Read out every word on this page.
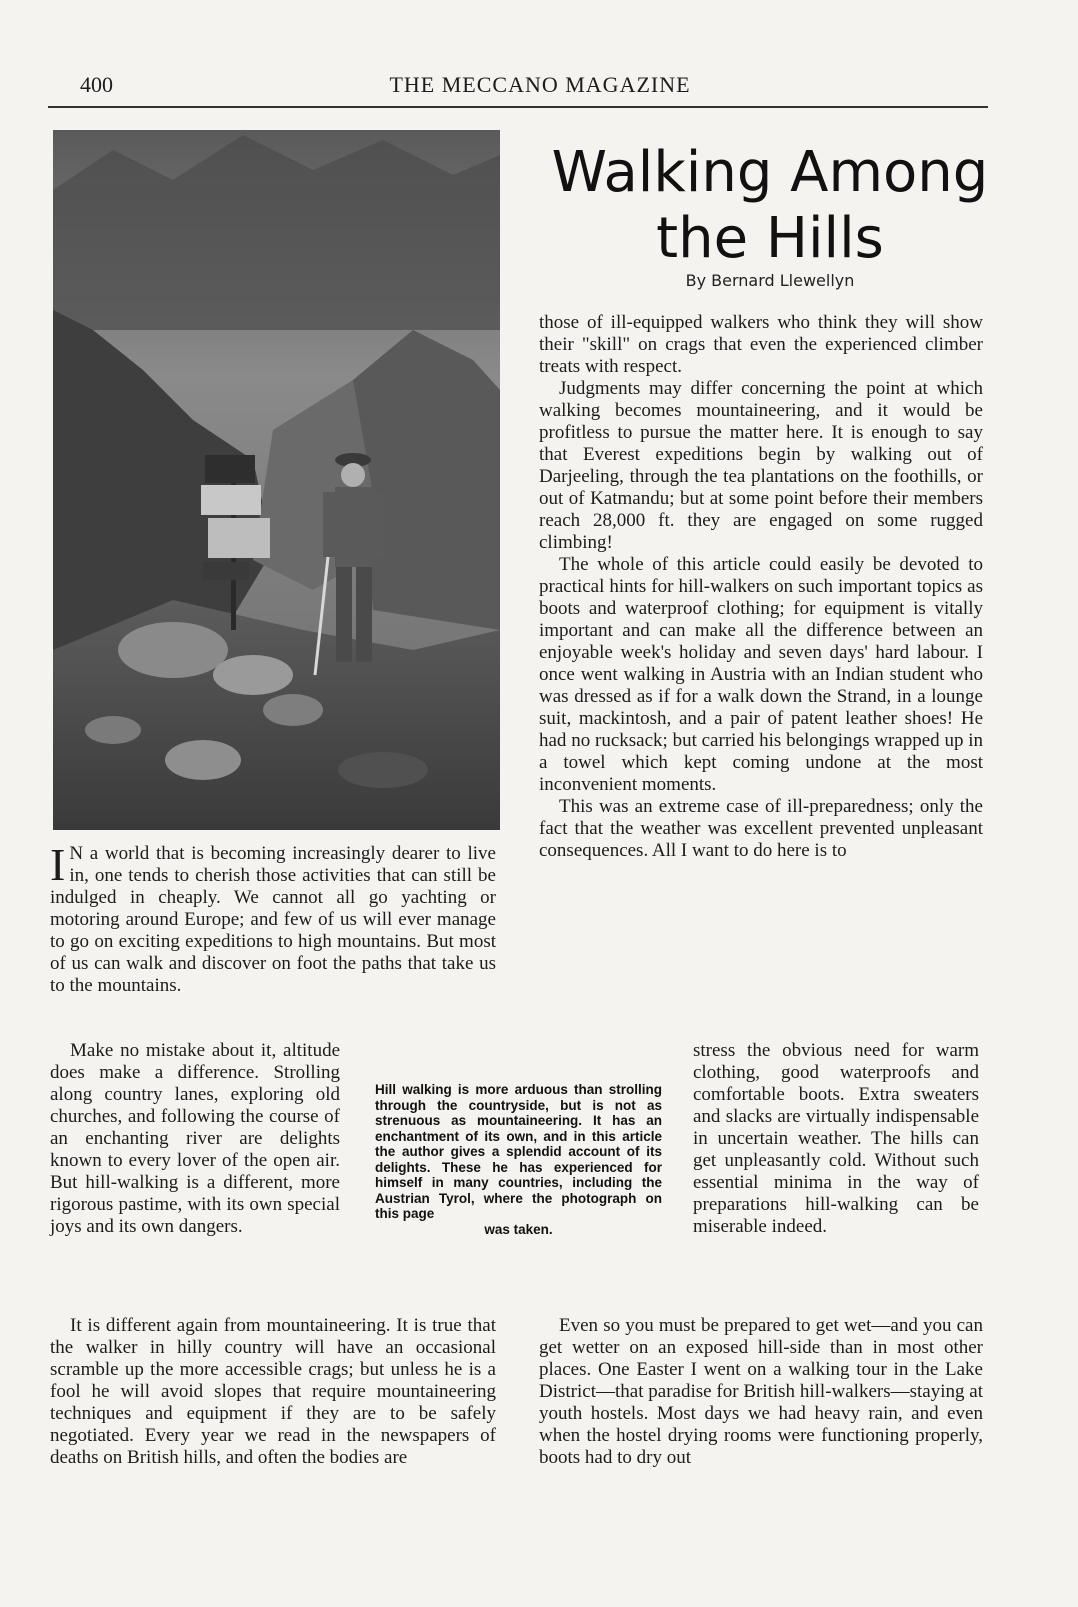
400	THE MECCANO MAGAZINE
Walking Among
the Hills
By Bernard Llewellyn

I N a world that is becoming increasingly dearer to live in, one tends to cherish those activities that can still be indulged in cheaply. We cannot all go yachting or motoring around Europe; and few of us will ever manage to go on exciting expeditions to high mountains. But most of us can walk and discover on foot the paths that take us to the mountains.

Make no mistake about it, altitude does make a difference. Strolling along country lanes, exploring old churches, and following the course of an enchanting river are delights known to every lover of the open air. But hill-walking is a different, more rigorous pastime, with its own special joys and its own dangers.

Hill walking is more arduous than strolling through the countryside, but is not as strenuous as mountaineering. It has an enchantment of its own, and in this article the author gives a splendid account of its delights. These he has experienced for himself in many countries, including the Austrian Tyrol, where the photograph on this page
was taken.

It is different again from mountaineering. It is true that the walker in hilly country will have an occasional scramble up the more accessible crags; but unless he is a fool he will avoid slopes that require mountaineering techniques and equipment if they are to be safely negotiated. Every year we read in the newspapers of deaths on British hills, and often the bodies are

those of ill-equipped walkers who think they will show their "skill" on crags that even the experienced climber treats with respect.

Judgments may differ concerning the point at which walking becomes mountaineering, and it would be profitless to pursue the matter here. It is enough to say that Everest expeditions begin by walking out of Darjeeling, through the tea plantations on the foothills, or out of Katmandu; but at some point before their members reach 28,000 ft. they are engaged on some rugged climbing!

The whole of this article could easily be devoted to practical hints for hill-walkers on such important topics as boots and waterproof clothing; for equipment is vitally important and can make all the difference between an enjoyable week's holiday and seven days' hard labour. I once went walking in Austria with an Indian student who was dressed as if for a walk down the Strand, in a lounge suit, mackintosh, and a pair of patent leather shoes! He had no rucksack; but carried his belongings wrapped up in a towel which kept coming undone at the most inconvenient moments.

This was an extreme case of ill-preparedness; only the fact that the weather was excellent prevented unpleasant consequences. All I want to do here is to

stress the obvious need for warm clothing, good waterproofs and comfortable boots. Extra sweaters and slacks are virtually indispensable in uncertain weather. The hills can get unpleasantly cold. Without such essential minima in the way of preparations hill-walking can be miserable indeed.

Even so you must be prepared to get wet—and you can get wetter on an exposed hill-side than in most other places. One Easter I went on a walking tour in the Lake District—that paradise for British hill-walkers—staying at youth hostels. Most days we had heavy rain, and even when the hostel drying rooms were functioning properly, boots had to dry out
